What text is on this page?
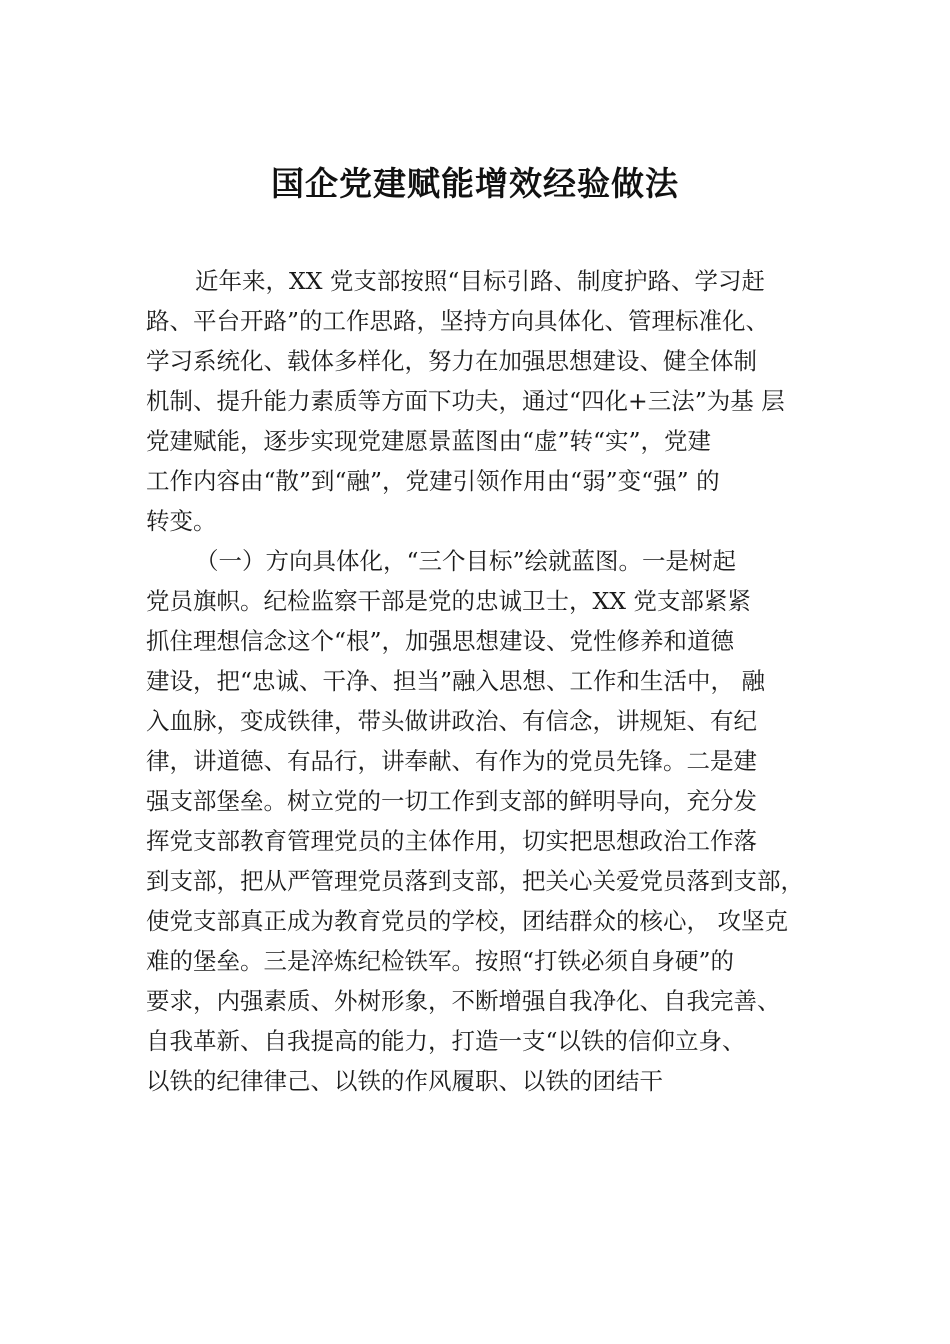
国企党建赋能增效经验做法

近年来，XX 党支部按照“目标引路、制度护路、学习赶

路、平台开路”的工作思路，坚持方向具体化、管理标准化、

学习系统化、载体多样化，努力在加强思想建设、健全体制

机制、提升能力素质等方面下功夫，通过“四化+三法”为基 层

党建赋能，逐步实现党建愿景蓝图由“虚”转“实”，党建

工作内容由“散”到“融”，党建引领作用由“弱”变“强” 的

转变。

（一）方向具体化，“三个目标”绘就蓝图。一是树起

党员旗帜。纪检监察干部是党的忠诚卫士，XX 党支部紧紧

抓住理想信念这个“根”，加强思想建设、党性修养和道德

建设，把“忠诚、干净、担当”融入思想、工作和生活中， 融

入血脉，变成铁律，带头做讲政治、有信念，讲规矩、有纪

律，讲道德、有品行，讲奉献、有作为的党员先锋。二是建

强支部堡垒。树立党的一切工作到支部的鲜明导向，充分发

挥党支部教育管理党员的主体作用，切实把思想政治工作落

到支部，把从严管理党员落到支部，把关心关爱党员落到支部，

使党支部真正成为教育党员的学校，团结群众的核心， 攻坚克

难的堡垒。三是淬炼纪检铁军。按照“打铁必须自身硬”的

要求，内强素质、外树形象，不断增强自我净化、自我完善、

自我革新、自我提高的能力，打造一支“以铁的信仰立身、

以铁的纪律律己、以铁的作风履职、以铁的团结干
